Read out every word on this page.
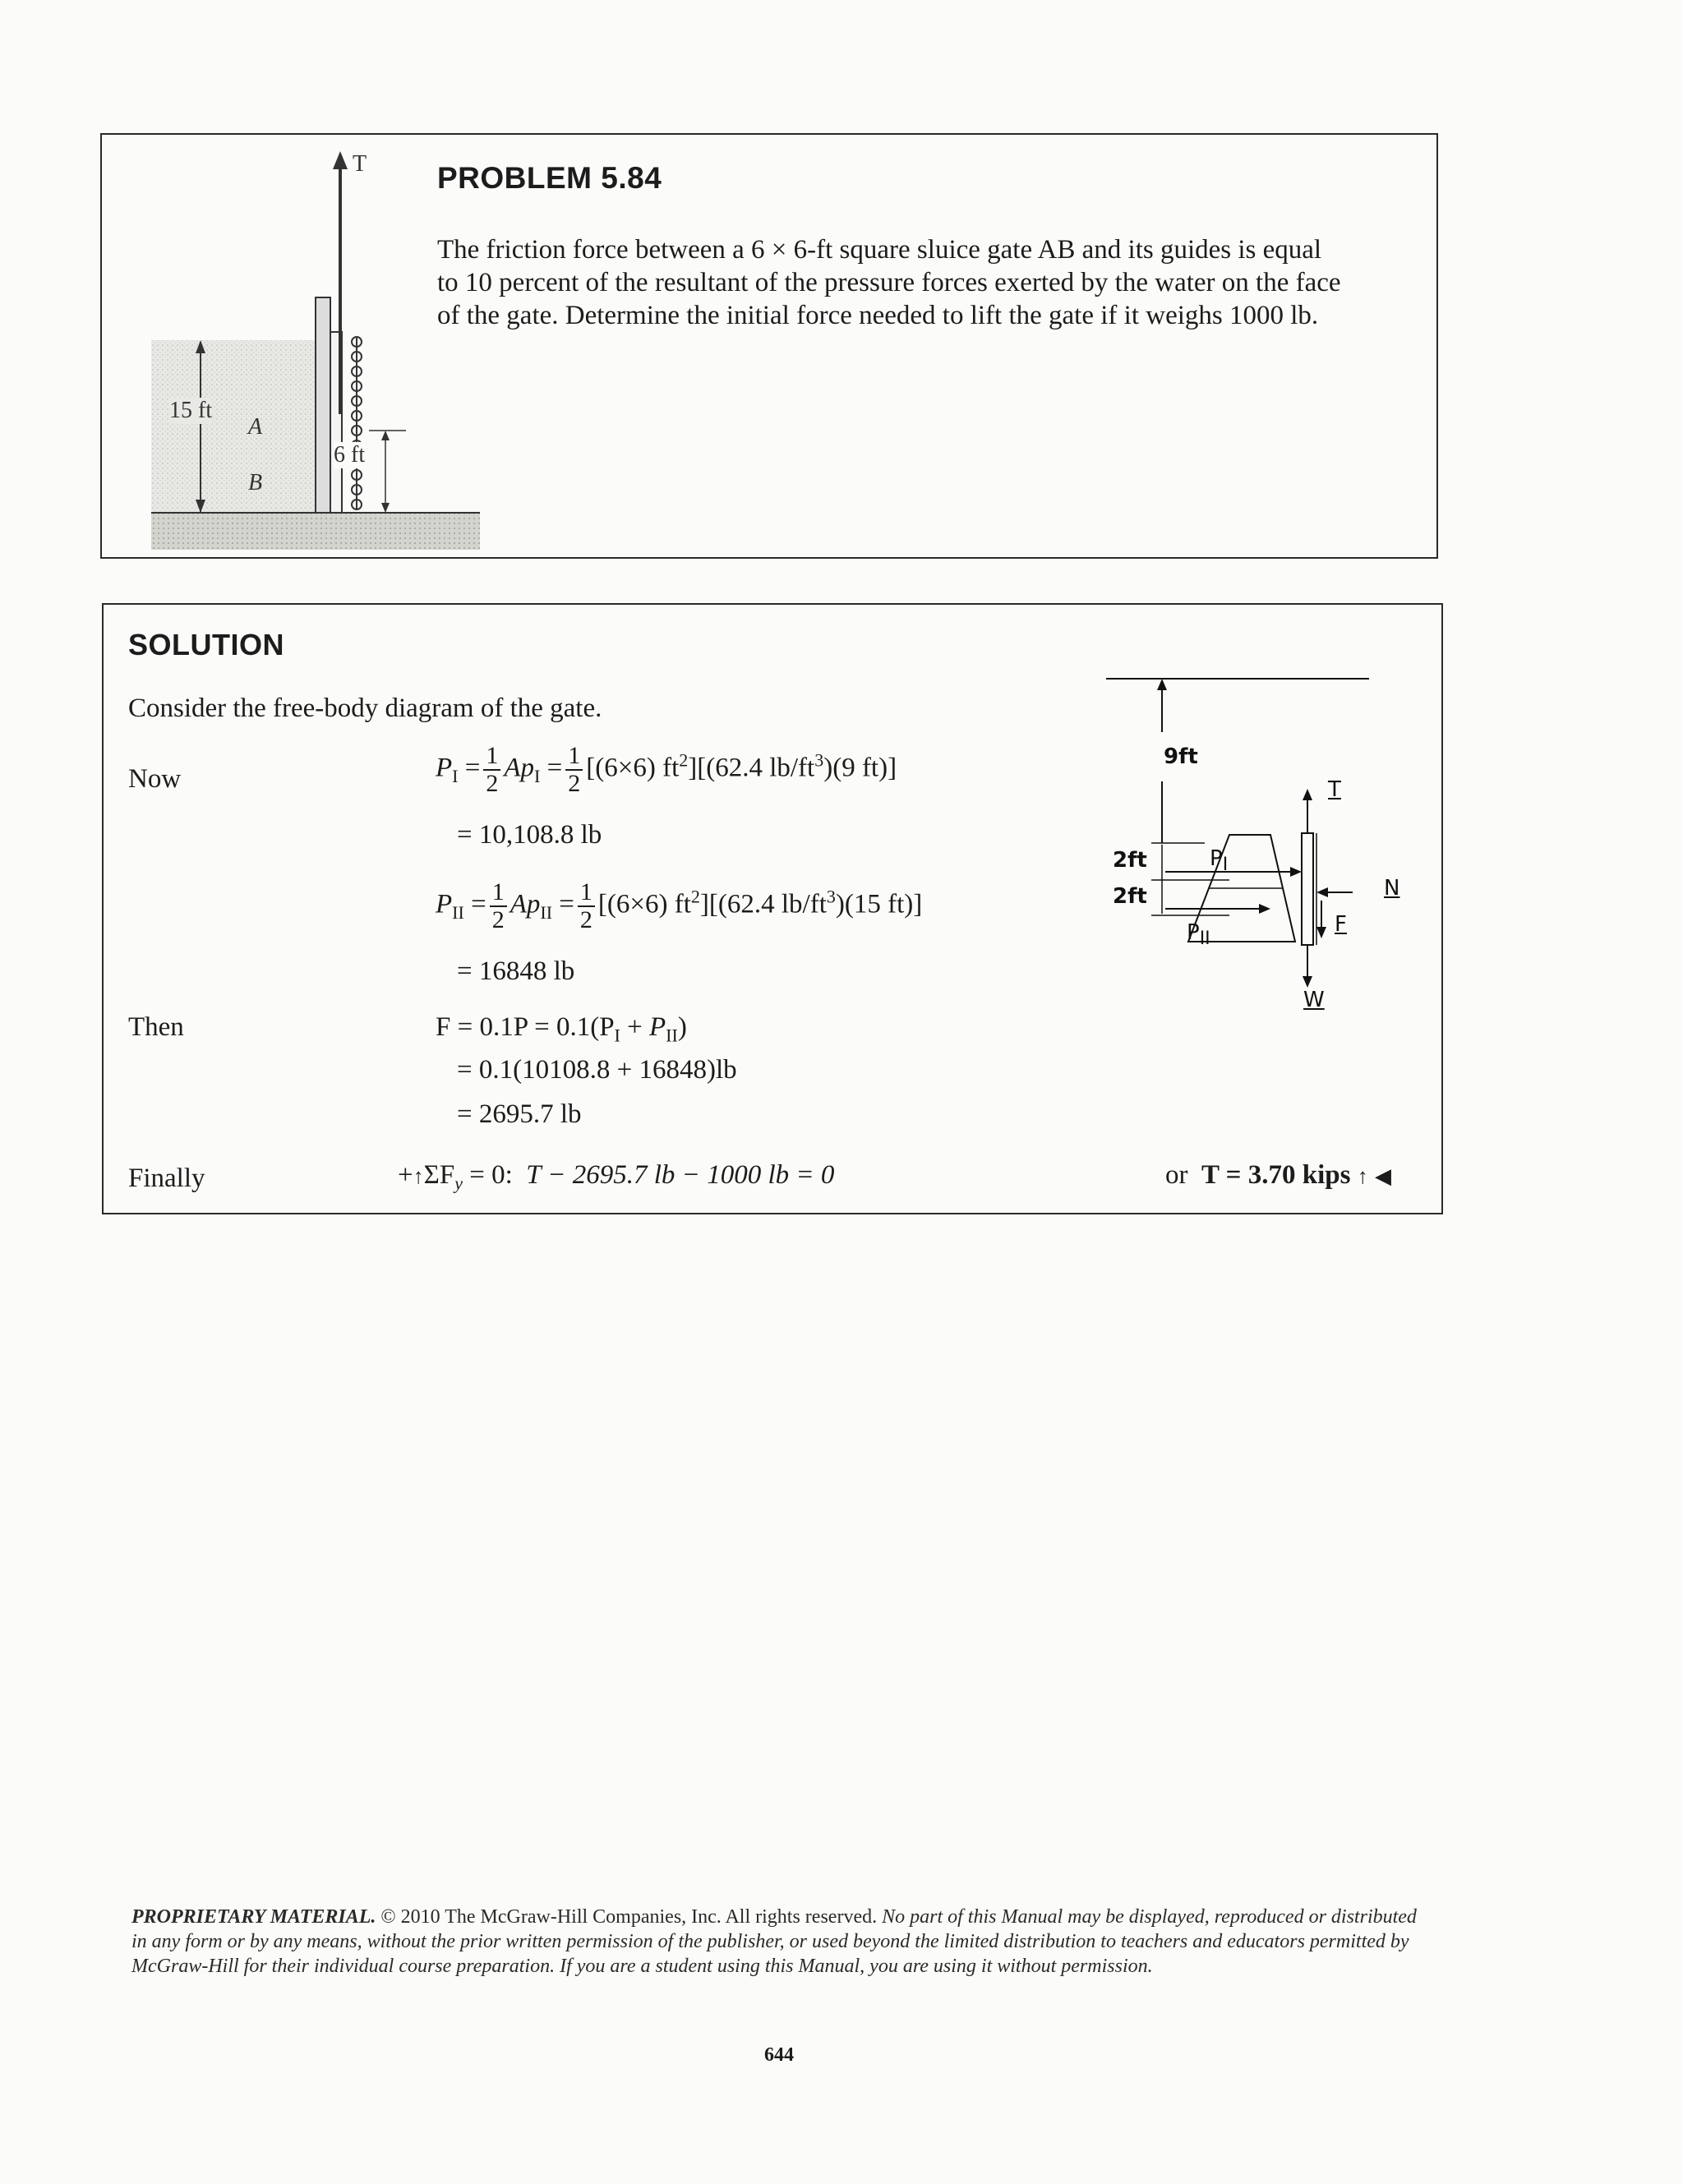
T
15 ft
A
B
6 ft
PROBLEM 5.84
The friction force between a 6 × 6-ft square sluice gate AB and its guides is equal
to 10 percent of the resultant of the pressure forces exerted by the water on the face
of the gate. Determine the initial force needed to lift the gate if it weighs 1000 lb.
SOLUTION
Consider the free-body diagram of the gate.
Now
Then
Finally
$P_I = \frac{1}{2} Ap_I = \frac{1}{2} [(6\times 6)$ $ft^2][(62.4$ $lb/ft^3)(9$ ft)]
= 10,108.8 lb
$P_{II} = \frac{1}{2} Ap_{II} = \frac{1}{2} [(6\times 6)$ $ft^2][(62.4$ $lb/ft^3)(15$ ft)]
= 16848 lb
$F = 0.1P = 0.1(P_I + P_{II})$
= 0.1(10108.8 + 16848)lb
= 2695.7 lb
$+↑\Sigma F_y = 0$: T − 2695.7 lb − 1000 lb = 0	or T = 3.70 kips ↑ ◀
9ft
2ft
2ft
$P_I$
$P_{II}$
T
N
F
W
PROPRIETARY MATERIAL. © 2010 The McGraw-Hill Companies, Inc. All rights reserved. No part of this Manual may be displayed, reproduced or distributed in any form or by any means, without the prior written permission of the publisher, or used beyond the limited distribution to teachers and educators permitted by McGraw-Hill for their individual course preparation. If you are a student using this Manual, you are using it without permission.
644
